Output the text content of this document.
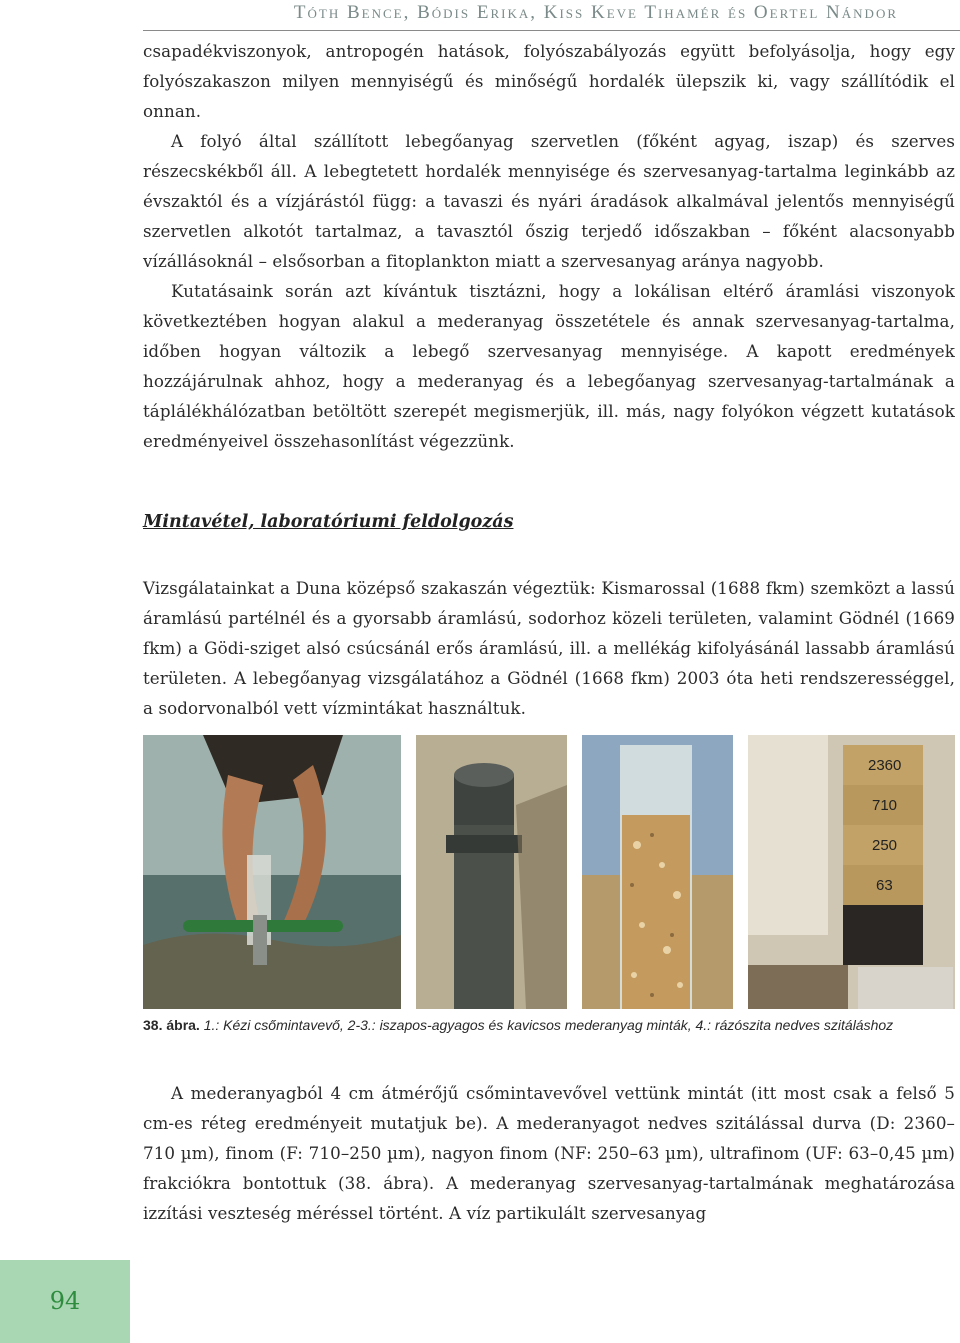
Tóth Bence, Bódis Erika, Kiss Keve Tihamér és Oertel Nándor

csapadékviszonyok, antropogén hatások, folyószabályozás együtt befolyásolja, hogy egy folyószakaszon milyen mennyiségű és minőségű hordalék ülepszik ki, vagy szállítódik el onnan.

A folyó által szállított lebegőanyag szervetlen (főként agyag, iszap) és szerves részecskékből áll. A lebegtetett hordalék mennyisége és szervesanyag-tartalma leginkább az évszaktól és a vízjárástól függ: a tavaszi és nyári áradások alkalmával jelentős mennyiségű szervetlen alkotót tartalmaz, a tavasztól őszig terjedő időszakban – főként alacsonyabb vízállásoknál – elsősorban a fitoplankton miatt a szervesanyag aránya nagyobb.

Kutatásaink során azt kívántuk tisztázni, hogy a lokálisan eltérő áramlási viszonyok következtében hogyan alakul a mederanyag összetétele és annak szervesanyag-tartalma, időben hogyan változik a lebegő szervesanyag mennyisége. A kapott eredmények hozzájárulnak ahhoz, hogy a mederanyag és a lebegőanyag szervesanyag-tartalmának a táplálékhálózatban betöltött szerepét megismerjük, ill. más, nagy folyókon végzett kutatások eredményeivel összehasonlítást végezzünk.

Mintavétel, laboratóriumi feldolgozás

Vizsgálatainkat a Duna középső szakaszán végeztük: Kismarossal (1688 fkm) szemközt a lassú áramlású partélnél és a gyorsabb áramlású, sodorhoz közeli területen, valamint Gödnél (1669 fkm) a Gödi-sziget alsó csúcsánál erős áramlású, ill. a mellékág kifolyásánál lassabb áramlású területen. A lebegőanyag vizsgálatához a Gödnél (1668 fkm) 2003 óta heti rendszerességgel, a sodorvonalból vett vízmintákat használtuk.

2360
710
250
63
38. ábra. 1.: Kézi csőmintavevő, 2-3.: iszapos-agyagos és kavicsos mederanyag minták, 4.: rázószita nedves szitáláshoz

A mederanyagból 4 cm átmérőjű csőmintavevővel vettünk mintát (itt most csak a felső 5 cm-es réteg eredményeit mutatjuk be). A mederanyagot nedves szitálással durva (D: 2360–710 µm), finom (F: 710–250 µm), nagyon finom (NF: 250–63 µm), ultrafinom (UF: 63–0,45 µm) frakciókra bontottuk (38. ábra). A mederanyag szervesanyag-tartalmának meghatározása izzítási veszteség méréssel történt. A víz partikulált szervesanyag

94
